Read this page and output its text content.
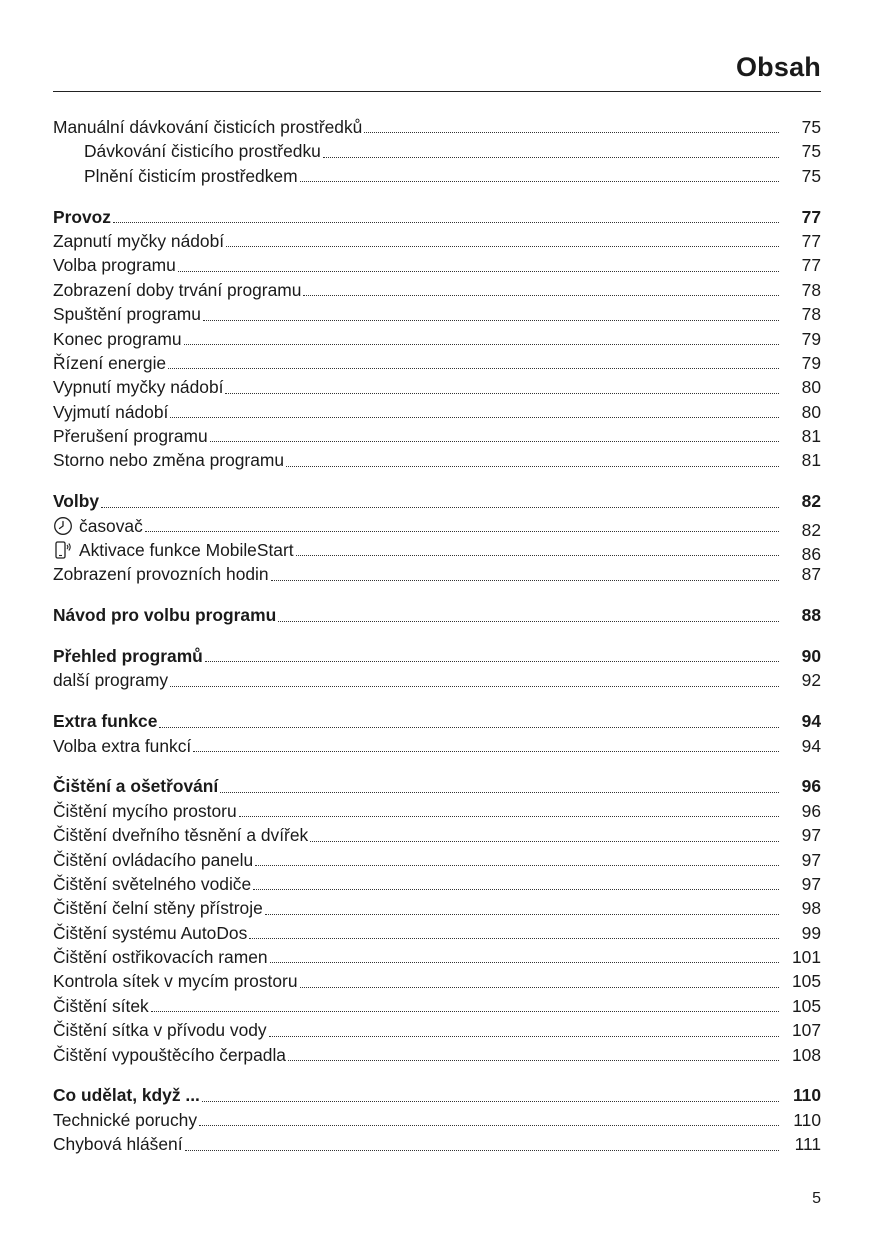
Obsah
Manuální dávkování čisticích prostředků	75
Dávkování čisticího prostředku	75
Plnění čisticím prostředkem	75
Provoz	77
Zapnutí myčky nádobí	77
Volba programu	77
Zobrazení doby trvání programu	78
Spuštění programu	78
Konec programu	79
Řízení energie	79
Vypnutí myčky nádobí	80
Vyjmutí nádobí	80
Přerušení programu	81
Storno nebo změna programu	81
Volby	82
časovač	82
Aktivace funkce MobileStart	86
Zobrazení provozních hodin	87
Návod pro volbu programu	88
Přehled programů	90
další programy	92
Extra funkce	94
Volba extra funkcí	94
Čištění a ošetřování	96
Čištění mycího prostoru	96
Čištění dveřního těsnění a dvířek	97
Čištění ovládacího panelu	97
Čištění světelného vodiče	97
Čištění čelní stěny přístroje	98
Čištění systému AutoDos	99
Čištění ostřikovacích ramen	101
Kontrola sítek v mycím prostoru	105
Čištění sítek	105
Čištění sítka v přívodu vody	107
Čištění vypouštěcího čerpadla	108
Co udělat, když ...	110
Technické poruchy	110
Chybová hlášení	111
5
